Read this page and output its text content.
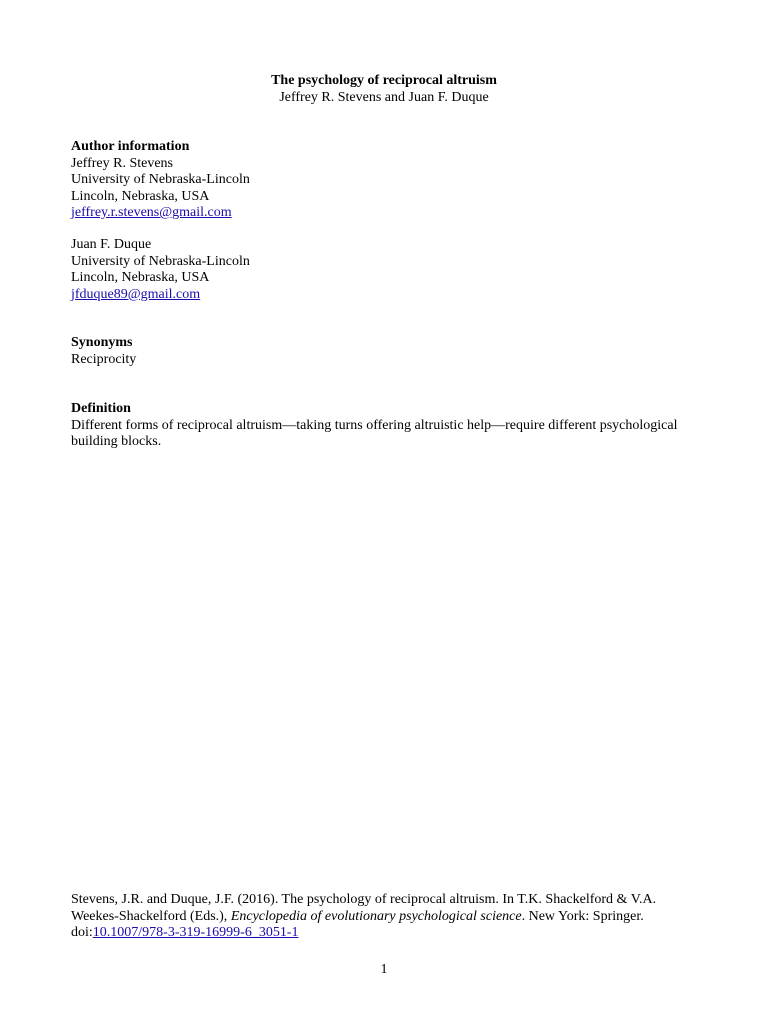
The psychology of reciprocal altruism
Jeffrey R. Stevens and Juan F. Duque
Author information
Jeffrey R. Stevens
University of Nebraska-Lincoln
Lincoln, Nebraska, USA
jeffrey.r.stevens@gmail.com
Juan F. Duque
University of Nebraska-Lincoln
Lincoln, Nebraska, USA
jfduque89@gmail.com
Synonyms
Reciprocity
Definition
Different forms of reciprocal altruism—taking turns offering altruistic help—require different psychological building blocks.
Stevens, J.R. and Duque, J.F. (2016). The psychology of reciprocal altruism. In T.K. Shackelford & V.A. Weekes-Shackelford (Eds.), Encyclopedia of evolutionary psychological science. New York: Springer.
doi:10.1007/978-3-319-16999-6_3051-1
1
